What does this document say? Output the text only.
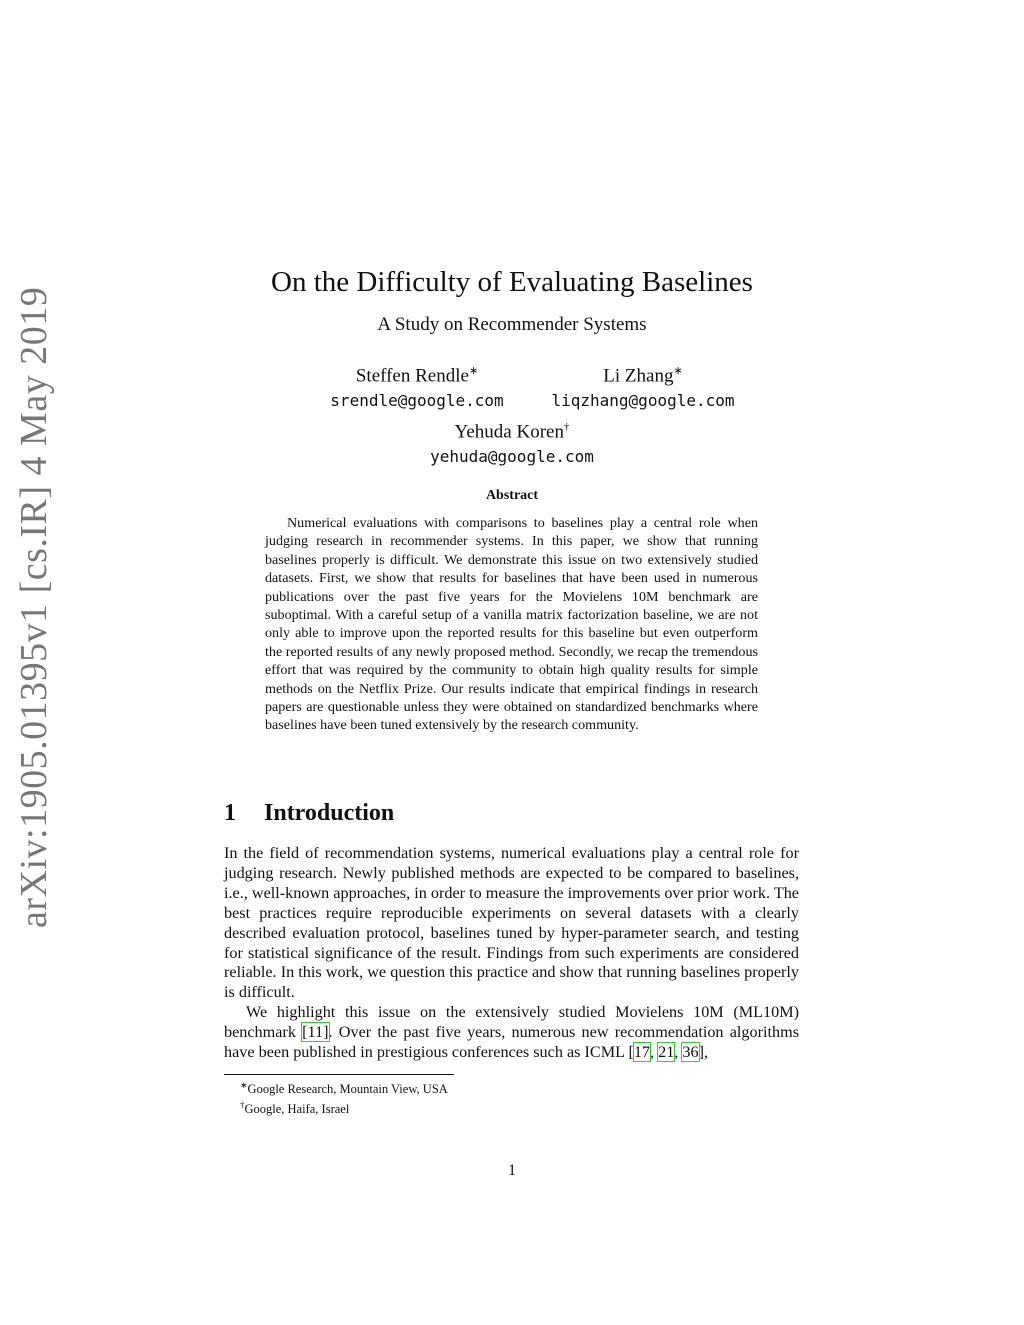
arXiv:1905.01395v1 [cs.IR] 4 May 2019
On the Difficulty of Evaluating Baselines
A Study on Recommender Systems
Steffen Rendle∗
srendle@google.com
Li Zhang∗
liqzhang@google.com
Yehuda Koren†
yehuda@google.com
Abstract

Numerical evaluations with comparisons to baselines play a central role when judging research in recommender systems. In this paper, we show that running baselines properly is difficult. We demonstrate this issue on two extensively studied datasets. First, we show that results for baselines that have been used in numerous publications over the past five years for the Movielens 10M benchmark are suboptimal. With a careful setup of a vanilla matrix factorization baseline, we are not only able to improve upon the reported results for this baseline but even outperform the reported results of any newly proposed method. Secondly, we recap the tremendous effort that was required by the community to obtain high quality results for simple methods on the Netflix Prize. Our results indicate that empirical findings in research papers are questionable unless they were obtained on standardized benchmarks where baselines have been tuned extensively by the research community.

1 Introduction

In the field of recommendation systems, numerical evaluations play a central role for judging research. Newly published methods are expected to be compared to baselines, i.e., well-known approaches, in order to measure the improvements over prior work. The best practices require reproducible experiments on several datasets with a clearly described evaluation protocol, baselines tuned by hyper-parameter search, and testing for statistical significance of the result. Findings from such experiments are considered reliable. In this work, we question this practice and show that running baselines properly is difficult.

We highlight this issue on the extensively studied Movielens 10M (ML10M) benchmark [11]. Over the past five years, numerous new recommendation algorithms have been published in prestigious conferences such as ICML [17, 21, 36],

∗Google Research, Mountain View, USA
†Google, Haifa, Israel
1
